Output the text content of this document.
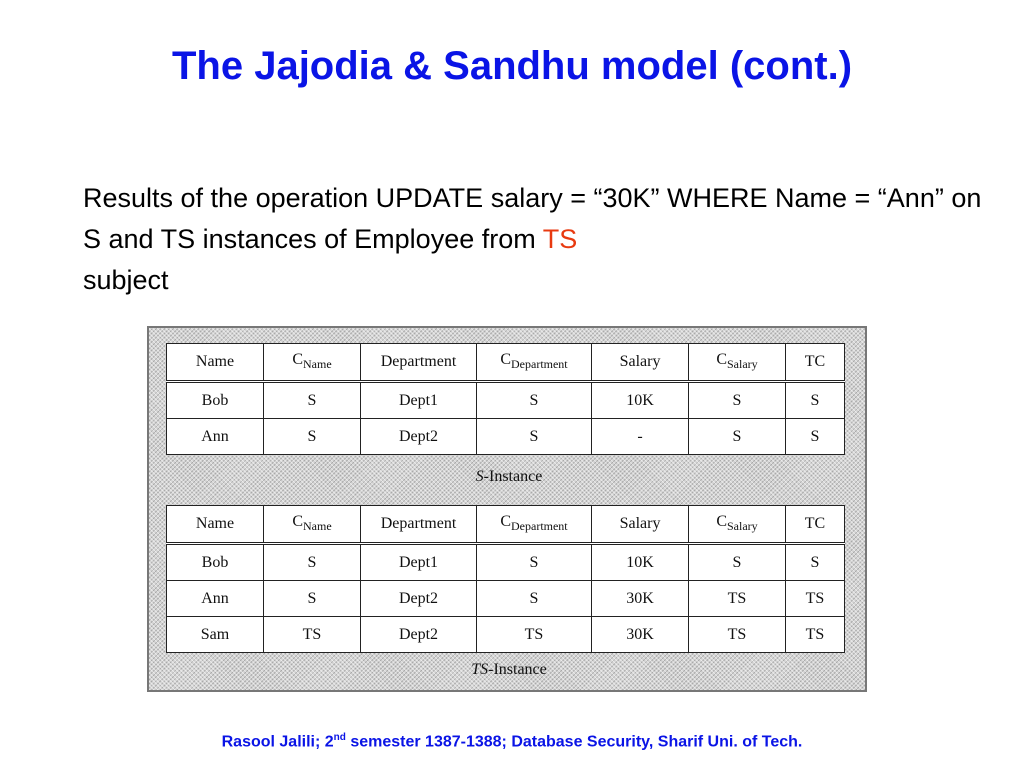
The Jajodia & Sandhu model (cont.)
Results of the operation UPDATE salary = “30K” WHERE Name = “Ann” on S and TS instances of Employee from TS
subject
Name	$C_{Name}$	Department	$C_{Department}$	Salary	$C_{Salary}$	TC
Bob	S	Dept1	S	10K	S	S
Ann	S	Dept2	S	-	S	S
S-Instance
Name	$C_{Name}$	Department	$C_{Department}$	Salary	$C_{Salary}$	TC
Bob	S	Dept1	S	10K	S	S
Ann	S	Dept2	S	30K	TS	TS
Sam	TS	Dept2	TS	30K	TS	TS
TS-Instance
Rasool Jalili; 2nd semester 1387-1388; Database Security, Sharif Uni. of Tech.
